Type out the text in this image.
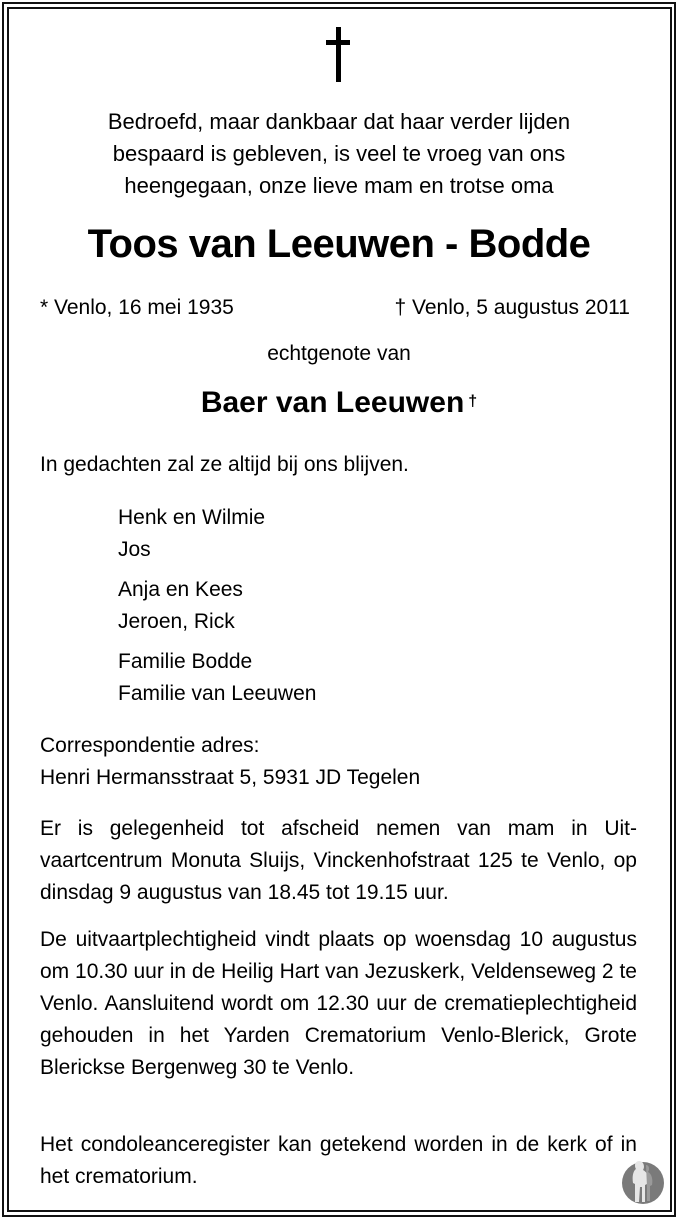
Bedroefd, maar dankbaar dat haar verder lijden
bespaard is gebleven, is veel te vroeg van ons
heengegaan, onze lieve mam en trotse oma
Toos van Leeuwen - Bodde
* Venlo, 16 mei 1935	† Venlo, 5 augustus 2011
echtgenote van
Baer van Leeuwen †
In gedachten zal ze altijd bij ons blijven.
Henk en Wilmie
Jos
Anja en Kees
Jeroen, Rick
Familie Bodde
Familie van Leeuwen
Correspondentie adres:
Henri Hermansstraat 5, 5931 JD Tegelen
Er is gelegenheid tot afscheid nemen van mam in Uit-vaartcentrum Monuta Sluijs, Vinckenhofstraat 125 te Venlo, op dinsdag 9 augustus van 18.45 tot 19.15 uur.
De uitvaartplechtigheid vindt plaats op woensdag 10 augustus om 10.30 uur in de Heilig Hart van Jezuskerk, Veldenseweg 2 te Venlo. Aansluitend wordt om 12.30 uur de crematieplechtigheid gehouden in het Yarden Crematorium Venlo-Blerick, Grote Blerickse Bergenweg 30 te Venlo.
Het condoleanceregister kan getekend worden in de kerk of in het crematorium.
